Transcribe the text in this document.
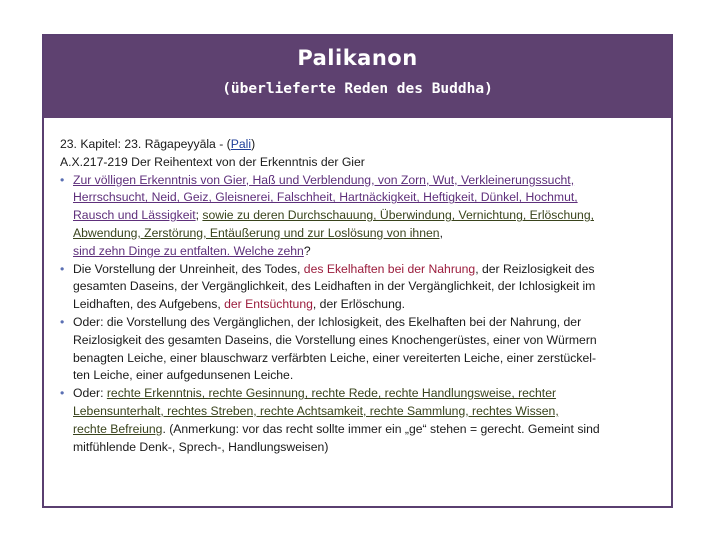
Palikanon
(überlieferte Reden des Buddha)
23. Kapitel: 23. Rāgapeyyāla - (Pali)
A.X.217-219 Der Reihentext von der Erkenntnis der Gier
• Zur völligen Erkenntnis von Gier, Haß und Verblendung, von Zorn, Wut, Verkleinerungssucht,
Herrschsucht, Neid, Geiz, Gleisnerei, Falschheit, Hartnäckigkeit, Heftigkeit, Dünkel, Hochmut,
Rausch und Lässigkeit; sowie zu deren Durchschauung, Überwindung, Vernichtung, Erlöschung,
Abwendung, Zerstörung, Entäußerung und zur Loslösung von ihnen,
sind zehn Dinge zu entfalten. Welche zehn?
• Die Vorstellung der Unreinheit, des Todes, des Ekelhaften bei der Nahrung, der Reizlosigkeit des
gesamten Daseins, der Vergänglichkeit, des Leidhaften in der Vergänglichkeit, der Ichlosigkeit im
Leidhaften, des Aufgebens, der Entsüchtung, der Erlöschung.
• Oder: die Vorstellung des Vergänglichen, der Ichlosigkeit, des Ekelhaften bei der Nahrung, der
Reizlosigkeit des gesamten Daseins, die Vorstellung eines Knochengerüstes, einer von Würmern
benagten Leiche, einer blauschwarz verfärbten Leiche, einer vereiterten Leiche, einer zerstückel-
ten Leiche, einer aufgedunsenen Leiche.
• Oder: rechte Erkenntnis, rechte Gesinnung, rechte Rede, rechte Handlungsweise, rechter
Lebensunterhalt, rechtes Streben, rechte Achtsamkeit, rechte Sammlung, rechtes Wissen,
rechte Befreiung. (Anmerkung: vor das recht sollte immer ein „ge“ stehen = gerecht. Gemeint sind
mitfühlende Denk-, Sprech-, Handlungsweisen)
